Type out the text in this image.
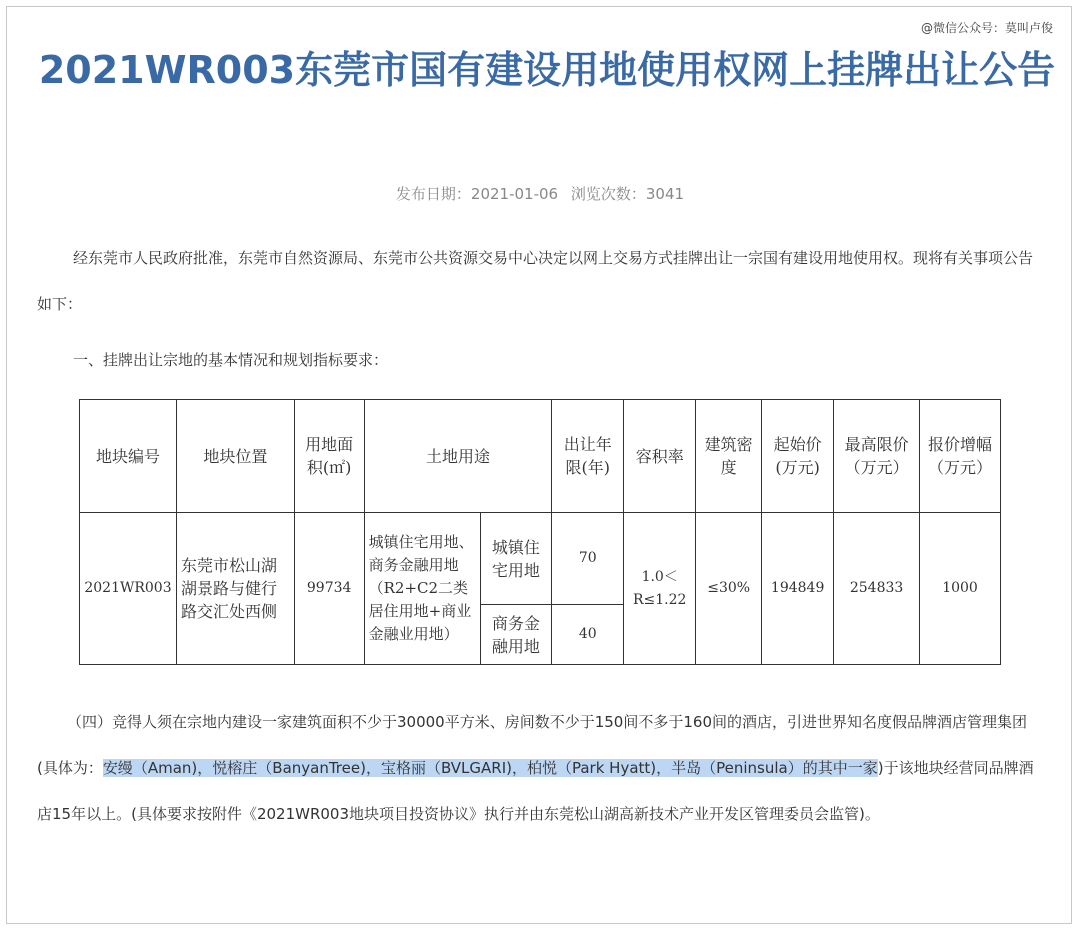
@微信公众号：莫叫卢俊
2021WR003东莞市国有建设用地使用权网上挂牌出让公告
发布日期：2021-01-06 浏览次数：3041
经东莞市人民政府批准，东莞市自然资源局、东莞市公共资源交易中心决定以网上交易方式挂牌出让一宗国有建设用地使用权。现将有关事项公告如下：
一、挂牌出让宗地的基本情况和规划指标要求：
地块编号	地块位置	用地面积(㎡)	土地用途		出让年限(年)	容积率	建筑密度	起始价(万元)	最高限价（万元）	报价增幅（万元）
2021WR003	东莞市松山湖湖景路与健行路交汇处西侧	99734	城镇住宅用地、商务金融用地（R2+C2二类居住用地+商业金融业用地）	城镇住宅用地	70	1.0＜R≤1.22	≤30%	194849	254833	1000
				商务金融用地	40					
（四）竞得人须在宗地内建设一家建筑面积不少于30000平方米、房间数不少于150间不多于160间的酒店，引进世界知名度假品牌酒店管理集团(具体为：安缦（Aman)，悦榕庄（BanyanTree)，宝格丽（BVLGARI)，柏悦（Park Hyatt)，半岛（Peninsula）的其中一家)于该地块经营同品牌酒店15年以上。(具体要求按附件《2021WR003地块项目投资协议》执行并由东莞松山湖高新技术产业开发区管理委员会监管)。
